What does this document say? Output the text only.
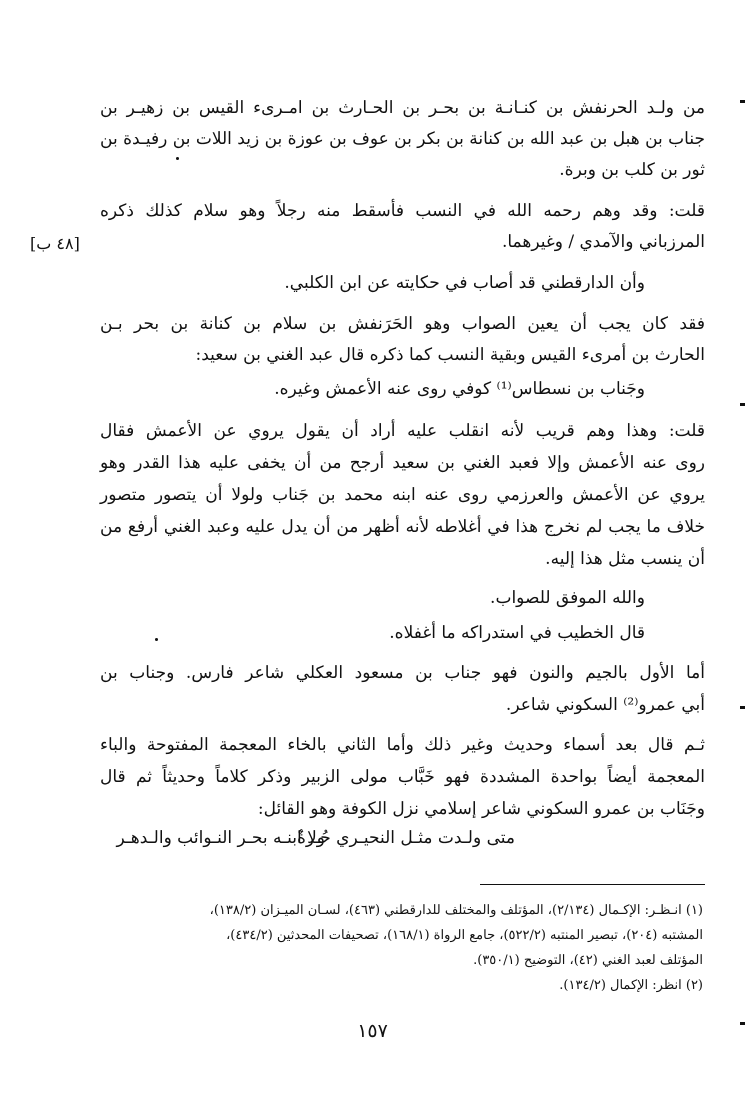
[٤٨ ب]
من ولـد الحرنفش بن كنـانـة بن بحـر بن الحـارث بن امـرىء القيس بن زهيـر بن
جناب بن هبل بن عبد الله بن كنانة بن بكر بن عوف بن عوزة بن زيد اللات بن رفيـدة بن
ثور بن كلب بن وبرة.
قلت: وقد وهم رحمه الله في النسب فأسقط منه رجلاً وهو سلام كذلك ذكره
المرزباني والآمدي / وغيرهما.
وأن الدارقطني قد أصاب في حكايته عن ابن الكلبي.
فقد كان يجب أن يعين الصواب وهو الحَرَنفش بن سلام بن كنانة بن بحر بـن
الحارث بن أمرىء القيس وبقية النسب كما ذكره قال عبد الغني بن سعيد:
وجَناب بن نسطاس⁽¹⁾ كوفي روى عنه الأعمش وغيره.
قلت: وهذا وهم قريب لأنه انقلب عليه أراد أن يقول يروي عن الأعمش فقال
روى عنه الأعمش وإلا فعبد الغني بن سعيد أرجح من أن يخفى عليه هذا القدر وهو
يروي عن الأعمش والعرزمي روى عنه ابنه محمد بن جَناب ولولا أن يتصور متصور
خلاف ما يجب لم نخرج هذا في أغلاطه لأنه أظهر من أن يدل عليه وعبد الغني أرفع من
أن ينسب مثل هذا إليه.
والله الموفق للصواب.
قال الخطيب في استدراكه ما أغفلاه.
أما الأول بالجيم والنون فهو جناب بن مسعود العكلي شاعر فارس. وجناب بن
أبي عمرو⁽²⁾ السكوني شاعر.
ثـم قال بعد أسماء وحديث وغير ذلك وأما الثاني بالخاء المعجمة المفتوحة والباء
المعجمة أيضاً بواحدة المشددة فهو خَبَّاب مولى الزبير وذكر كلاماً وحديثاً ثم قال
وجَنَاب بن عمرو السكوني شاعر إسلامي نزل الكوفة وهو القائل:
متى ولـدت مثـل النحيـري حُـرةٌ
ولا ابنـه بحـر النـوائب والـدهـر
(١) انـظـر: الإكـمال (٢/١٣٤)، المؤتلف والمختلف للدارقطني (٤٦٣)، لسـان الميـزان (١٣٨/٢)،
المشتبه (٢٠٤)، تبصير المنتبه (٥٢٢/٢)، جامع الرواة (١٦٨/١)، تصحيفات المحدثين (٤٣٤/٢)،
المؤتلف لعبد الغني (٤٢)، التوضيح (٣٥٠/١).
(٢) انظر: الإكمال (١٣٤/٢).
١٥٧
